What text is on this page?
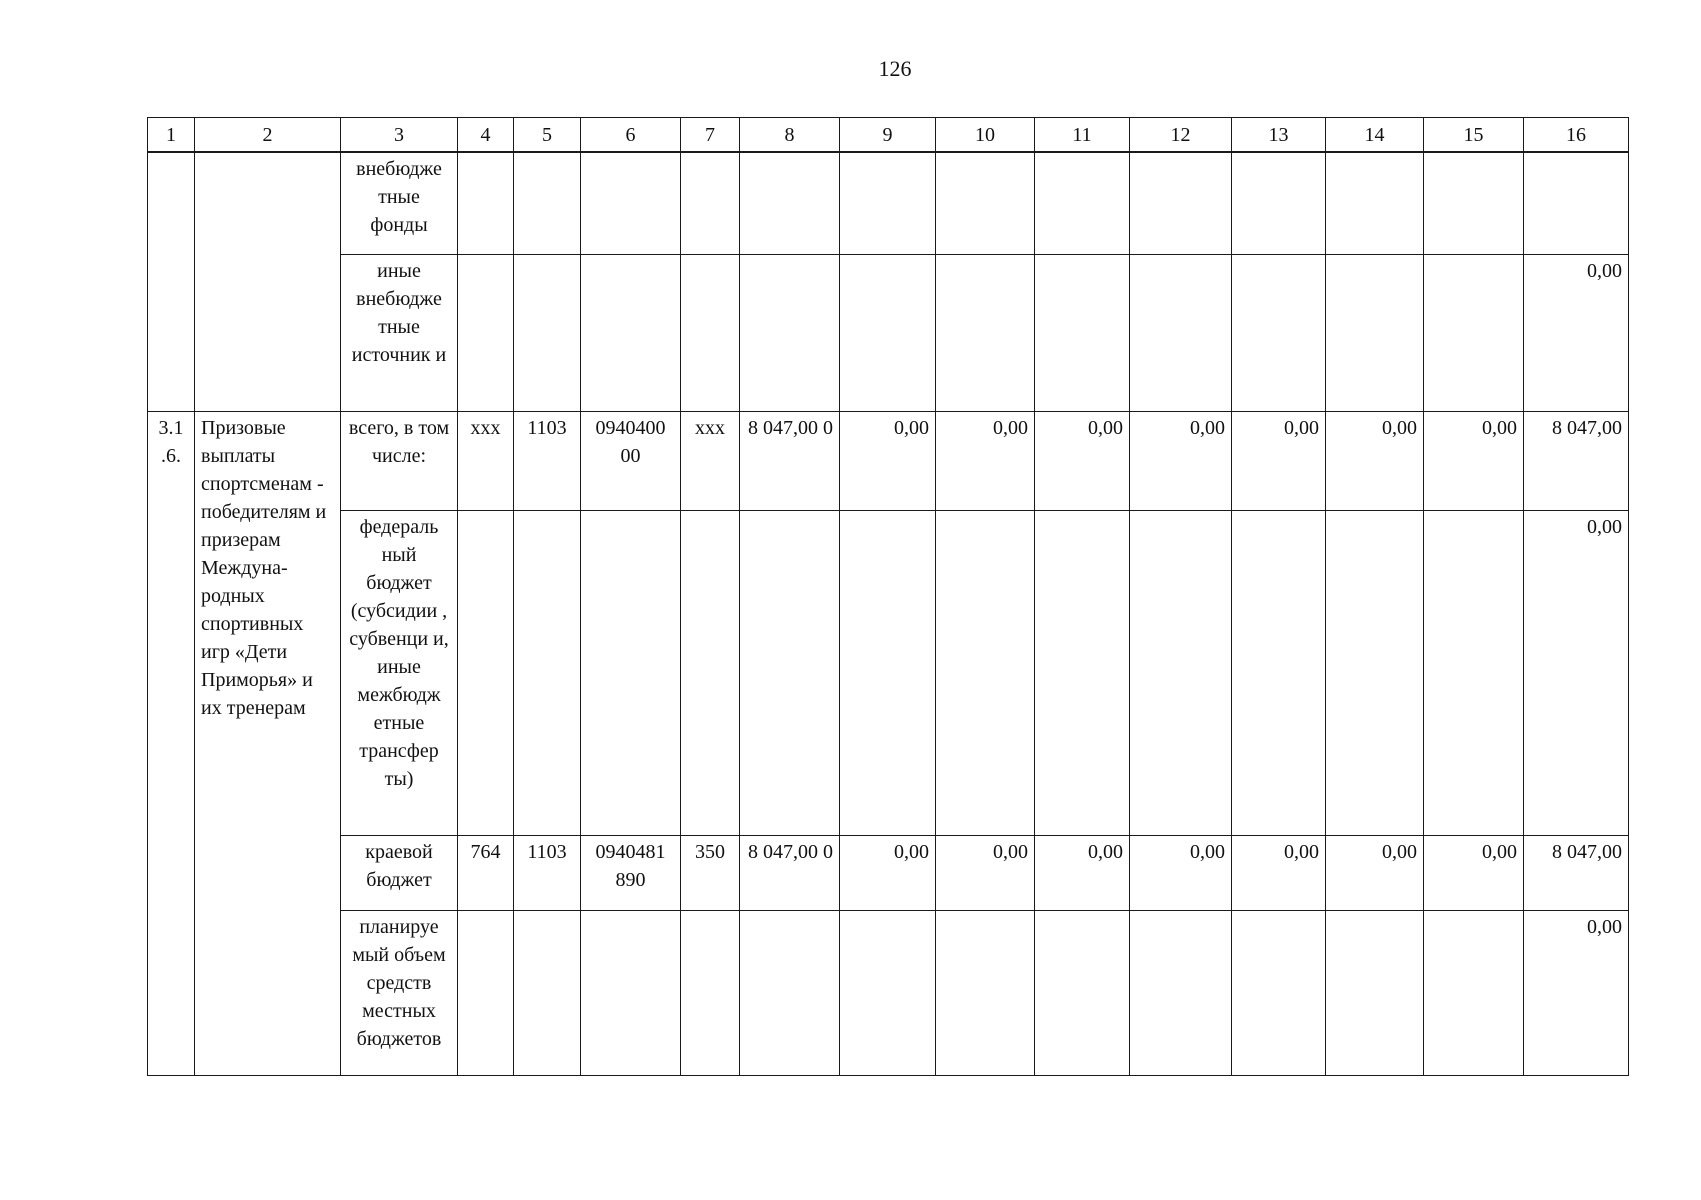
126
1	2	3	4	5	6	7	8	9	10	11	12	13	14	15	16
		внебюдже тные фонды													
		иные внебюдже тные источник и													0,00
3.1 .6.	Призовые выплаты спортсменам - победителям и призерам Междуна-родных спортивных игр «Дети Приморья» и их тренерам	всего, в том числе:	ххх	1103	0940400 00	ххх	8 047,00 0	0,00	0,00	0,00	0,00	0,00	0,00	0,00	8 047,00
		федераль ный бюджет (субсидии , субвенци и, иные межбюдж етные трансфер ты)													0,00
		краевой бюджет	764	1103	0940481 890	350	8 047,00 0	0,00	0,00	0,00	0,00	0,00	0,00	0,00	8 047,00
		планируе мый объем средств местных бюджетов													0,00
